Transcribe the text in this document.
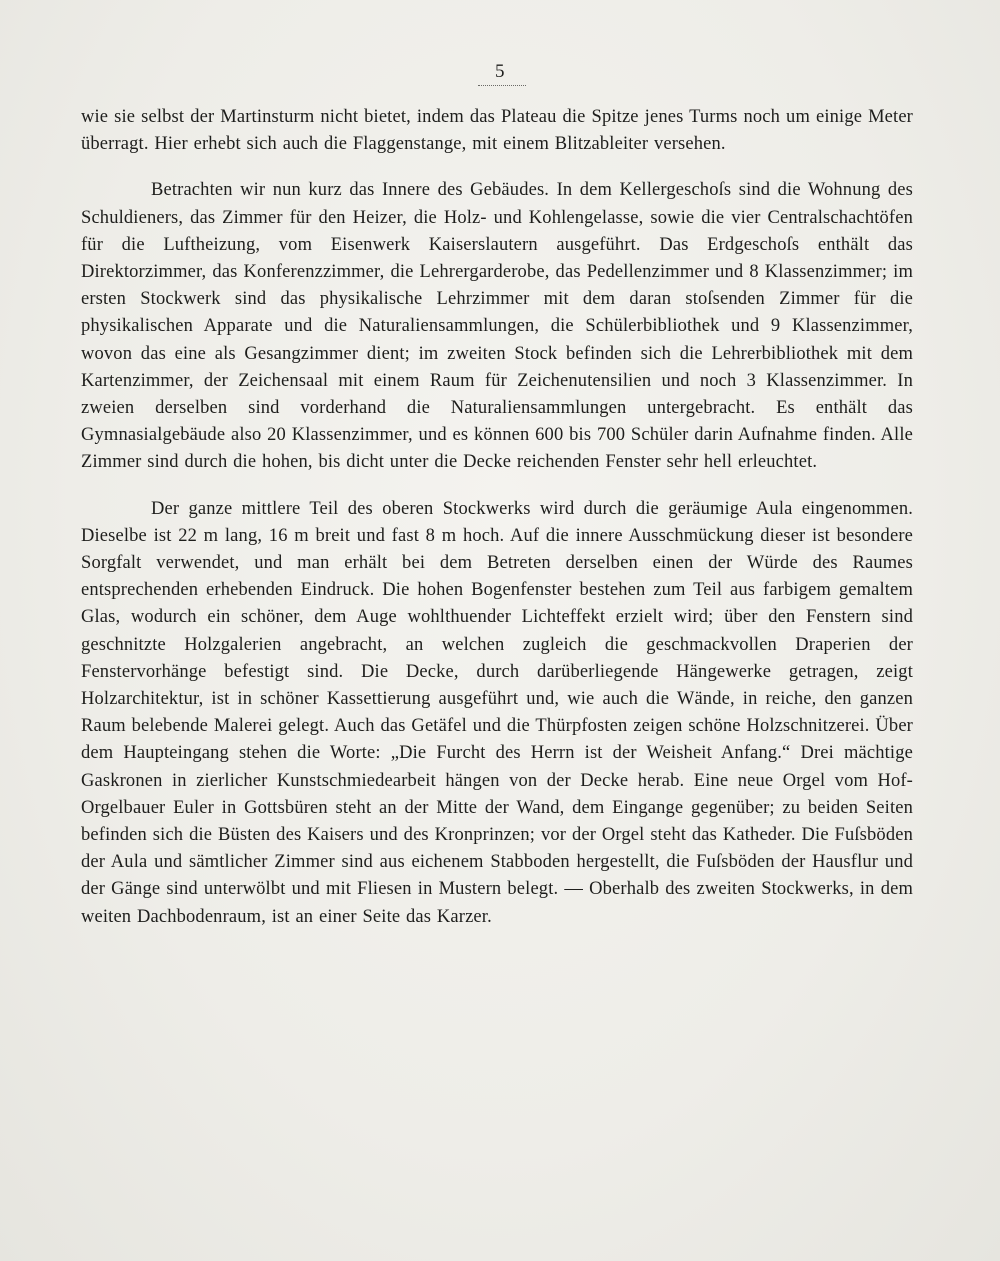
5

wie sie selbst der Martinsturm nicht bietet, indem das Plateau die Spitze jenes Turms noch um einige Meter überragt. Hier erhebt sich auch die Flaggenstange, mit einem Blitzableiter versehen.

Betrachten wir nun kurz das Innere des Gebäudes. In dem Kellergeschoſs sind die Wohnung des Schuldieners, das Zimmer für den Heizer, die Holz- und Kohlengelasse, sowie die vier Centralschachtöfen für die Luftheizung, vom Eisenwerk Kaiserslautern ausgeführt. Das Erdgeschoſs enthält das Direktorzimmer, das Konferenzzimmer, die Lehrergarderobe, das Pedellenzimmer und 8 Klassenzimmer; im ersten Stockwerk sind das physikalische Lehrzimmer mit dem daran stoſsenden Zimmer für die physikalischen Apparate und die Naturaliensammlungen, die Schülerbibliothek und 9 Klassenzimmer, wovon das eine als Gesangzimmer dient; im zweiten Stock befinden sich die Lehrerbibliothek mit dem Kartenzimmer, der Zeichensaal mit einem Raum für Zeichenutensilien und noch 3 Klassenzimmer. In zweien derselben sind vorderhand die Naturaliensammlungen untergebracht. Es enthält das Gymnasialgebäude also 20 Klassenzimmer, und es können 600 bis 700 Schüler darin Aufnahme finden. Alle Zimmer sind durch die hohen, bis dicht unter die Decke reichenden Fenster sehr hell erleuchtet.

Der ganze mittlere Teil des oberen Stockwerks wird durch die geräumige Aula eingenommen. Dieselbe ist 22 m lang, 16 m breit und fast 8 m hoch. Auf die innere Ausschmückung dieser ist besondere Sorgfalt verwendet, und man erhält bei dem Betreten derselben einen der Würde des Raumes entsprechenden erhebenden Eindruck. Die hohen Bogenfenster bestehen zum Teil aus farbigem gemaltem Glas, wodurch ein schöner, dem Auge wohlthuender Lichteffekt erzielt wird; über den Fenstern sind geschnitzte Holzgalerien angebracht, an welchen zugleich die geschmackvollen Draperien der Fenstervorhänge befestigt sind. Die Decke, durch darüberliegende Hängewerke getragen, zeigt Holzarchitektur, ist in schöner Kassettierung ausgeführt und, wie auch die Wände, in reiche, den ganzen Raum belebende Malerei gelegt. Auch das Getäfel und die Thürpfosten zeigen schöne Holzschnitzerei. Über dem Haupteingang stehen die Worte: „Die Furcht des Herrn ist der Weisheit Anfang.“ Drei mächtige Gaskronen in zierlicher Kunstschmiedearbeit hängen von der Decke herab. Eine neue Orgel vom Hof-Orgelbauer Euler in Gottsbüren steht an der Mitte der Wand, dem Eingange gegenüber; zu beiden Seiten befinden sich die Büsten des Kaisers und des Kronprinzen; vor der Orgel steht das Katheder. Die Fuſsböden der Aula und sämtlicher Zimmer sind aus eichenem Stabboden hergestellt, die Fuſsböden der Hausflur und der Gänge sind unterwölbt und mit Fliesen in Mustern belegt. — Oberhalb des zweiten Stockwerks, in dem weiten Dachbodenraum, ist an einer Seite das Karzer.
